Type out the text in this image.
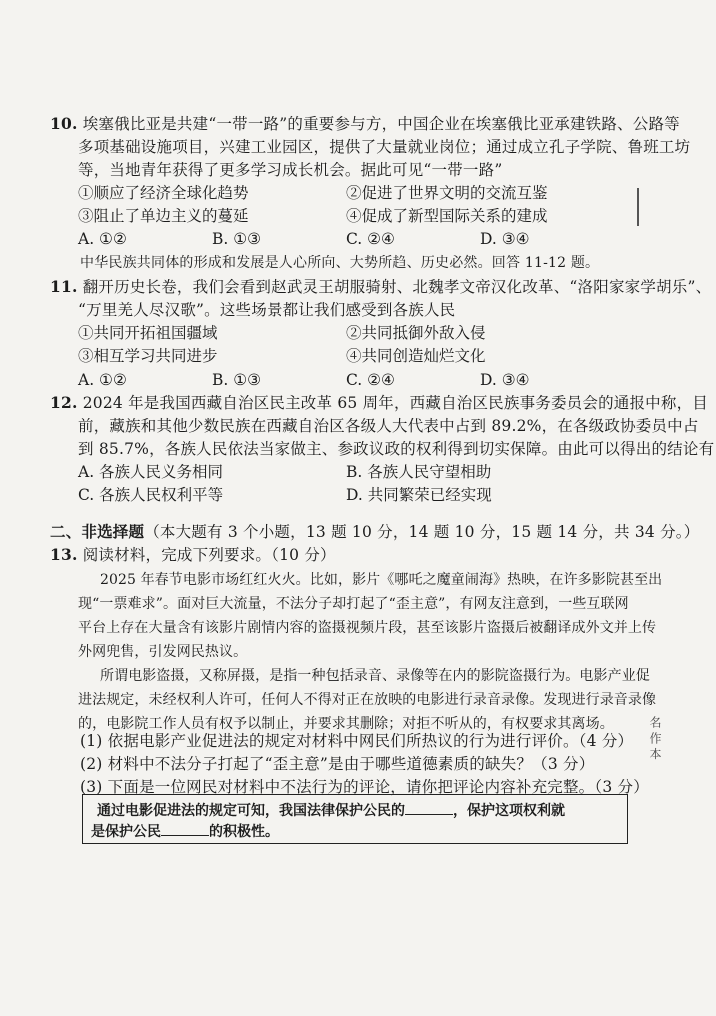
10. 埃塞俄比亚是共建“一带一路”的重要参与方，中国企业在埃塞俄比亚承建铁路、公路等
多项基础设施项目，兴建工业园区，提供了大量就业岗位；通过成立孔子学院、鲁班工坊
等，当地青年获得了更多学习成长机会。据此可见“一带一路”
①顺应了经济全球化趋势	②促进了世界文明的交流互鉴
③阻止了单边主义的蔓延	④促成了新型国际关系的建成
A. ①②	B. ①③	C. ②④	D. ③④
中华民族共同体的形成和发展是人心所向、大势所趋、历史必然。回答 11-12 题。
11. 翻开历史长卷，我们会看到赵武灵王胡服骑射、北魏孝文帝汉化改革、“洛阳家家学胡乐”、
“万里羌人尽汉歌”。这些场景都让我们感受到各族人民
①共同开拓祖国疆域	②共同抵御外敌入侵
③相互学习共同进步	④共同创造灿烂文化
A. ①②	B. ①③	C. ②④	D. ③④
12. 2024 年是我国西藏自治区民主改革 65 周年，西藏自治区民族事务委员会的通报中称，目
前，藏族和其他少数民族在西藏自治区各级人大代表中占到 89.2%，在各级政协委员中占
到 85.7%，各族人民依法当家做主、参政议政的权利得到切实保障。由此可以得出的结论有
A. 各族人民义务相同	B. 各族人民守望相助
C. 各族人民权利平等	D. 共同繁荣已经实现
二、非选择题（本大题有 3 个小题，13 题 10 分，14 题 10 分，15 题 14 分，共 34 分。）
13. 阅读材料，完成下列要求。（10 分）
2025 年春节电影市场红红火火。比如，影片《哪吒之魔童闹海》热映，在许多影院甚至出
现“一票难求”。面对巨大流量，不法分子却打起了“歪主意”，有网友注意到，一些互联网
平台上存在大量含有该影片剧情内容的盗摄视频片段，甚至该影片盗摄后被翻译成外文并上传
外网兜售，引发网民热议。
所谓电影盗摄，又称屏摄，是指一种包括录音、录像等在内的影院盗摄行为。电影产业促
进法规定，未经权利人许可，任何人不得对正在放映的电影进行录音录像。发现进行录音录像
的，电影院工作人员有权予以制止，并要求其删除；对拒不听从的，有权要求其离场。
(1) 依据电影产业促进法的规定对材料中网民们所热议的行为进行评价。（4 分）
(2) 材料中不法分子打起了“歪主意”是由于哪些道德素质的缺失？（3 分）
(3) 下面是一位网民对材料中不法行为的评论，请你把评论内容补充完整。（3 分）
通过电影促进法的规定可知，我国法律保护公民的	，保护这项权利就
是保护公民	的积极性。
名 作 本
